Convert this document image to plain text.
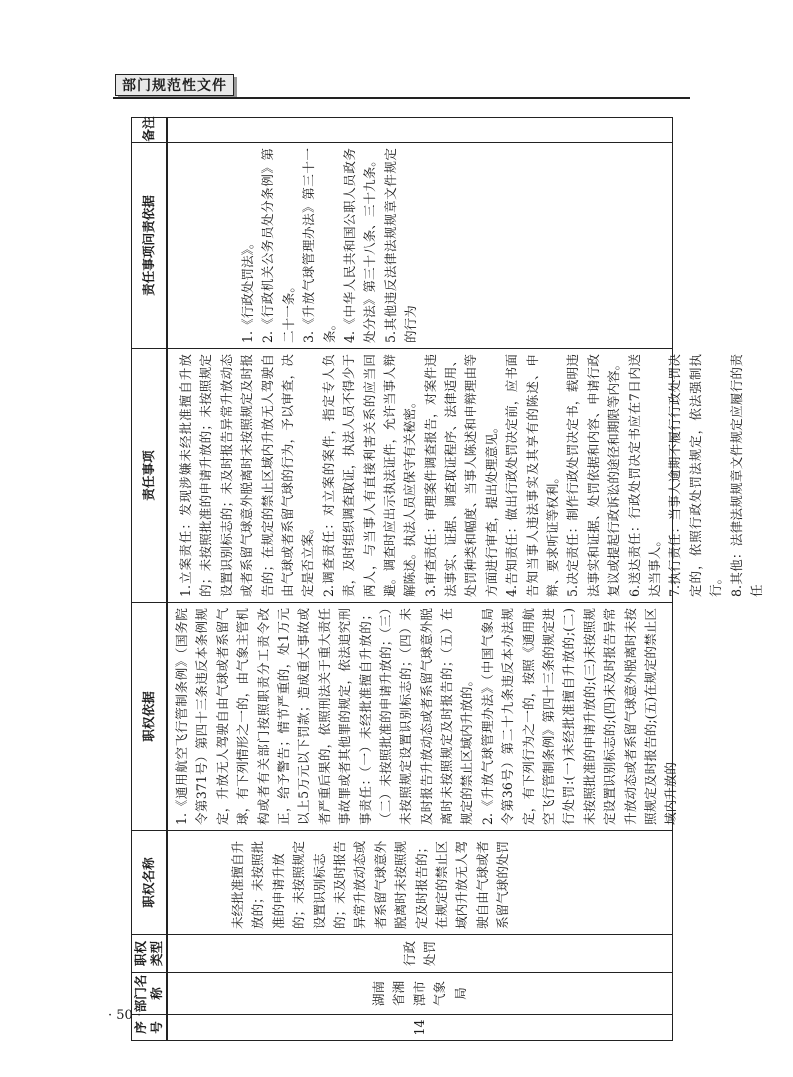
部门规范性文件
序号
部门名称
职权类型
职权名称
职权依据
责任事项
责任事项问责依据
备注
14
湖南省湘潭市气象局
行政处罚
未经批准擅自升放的；未按照批准的申请升放的；未按照规定设置识别标志的；未及时报告异常升放动态或者系留气球意外脱离时未按照规定及时报告的；在规定的禁止区域内升放无人驾驶自由气球或者系留气球的处罚

1.《通用航空飞行管制条例》（国务院令第371号）第四十三条违反本条例规定，升放无人驾驶自由气球或者系留气球，有下列情形之一的，由气象主管机构或者有关部门按照职责分工责令改正，给予警告；情节严重的，处1万元以上5万元以下罚款；造成重大事故或者严重后果的，依照刑法关于重大责任事故罪或者其他罪的规定，依法追究刑事责任：（一）未经批准擅自升放的；（二）未按照批准的申请升放的；（三）未按照规定设置识别标志的；（四）未及时报告升放动态或者系留气球意外脱离时未按照规定及时报告的；（五）在规定的禁止区域内升放的。 2.《升放气球管理办法》（中国气象局令第36号）第二十九条违反本办法规定，有下列行为之一的，按照《通用航空飞行管制条例》第四十三条的规定进行处罚:(一)未经批准擅自升放的;(二)未按照批准的申请升放的;(三)未按照规定设置识别标志的;(四)未及时报告异常升放动态或者系留气球意外脱离时未按照规定及时报告的;(五)在规定的禁止区域内升放的

1.立案责任：发现涉嫌未经批准擅自升放的；未按照批准的申请升放的；未按照规定设置识别标志的；未及时报告异常升放动态或者系留气球意外脱离时未按照规定及时报告的；在规定的禁止区域内升放无人驾驶自由气球或者系留气球的行为，予以审查，决定是否立案。 2.调查责任：对立案的案件，指定专人负责，及时组织调查取证，执法人员不得少于两人，与当事人有直接利害关系的应当回避。调查时应出示执法证件，允许当事人辩解陈述。执法人员应保守有关秘密。 3.审查责任：审理案件调查报告，对案件违法事实、证据、调查取证程序、法律适用、处罚种类和幅度、当事人陈述和申辩理由等方面进行审查，提出处理意见。 4.告知责任：做出行政处罚决定前，应书面告知当事人违法事实及其享有的陈述、申辩、要求听证等权利。 5.决定责任：制作行政处罚决定书，载明违法事实和证据、处罚依据和内容、申请行政复议或提起行政诉讼的途径和期限等内容。 6.送达责任：行政处罚决定书应在7日内送达当事人。 7.执行责任：当事人逾期不履行行政处罚决定的，依照行政处罚法规定，依法强制执行。 8.其他：法律法规规章文件规定应履行的责任

1.《行政处罚法》。 2.《行政机关公务员处分条例》第二十一条。 3.《升放气球管理办法》第三十一条。 4.《中华人民共和国公职人员政务处分法》第三十八条、三十九条。 5.其他违反法律法规规章文件规定的行为

· 50 ·
